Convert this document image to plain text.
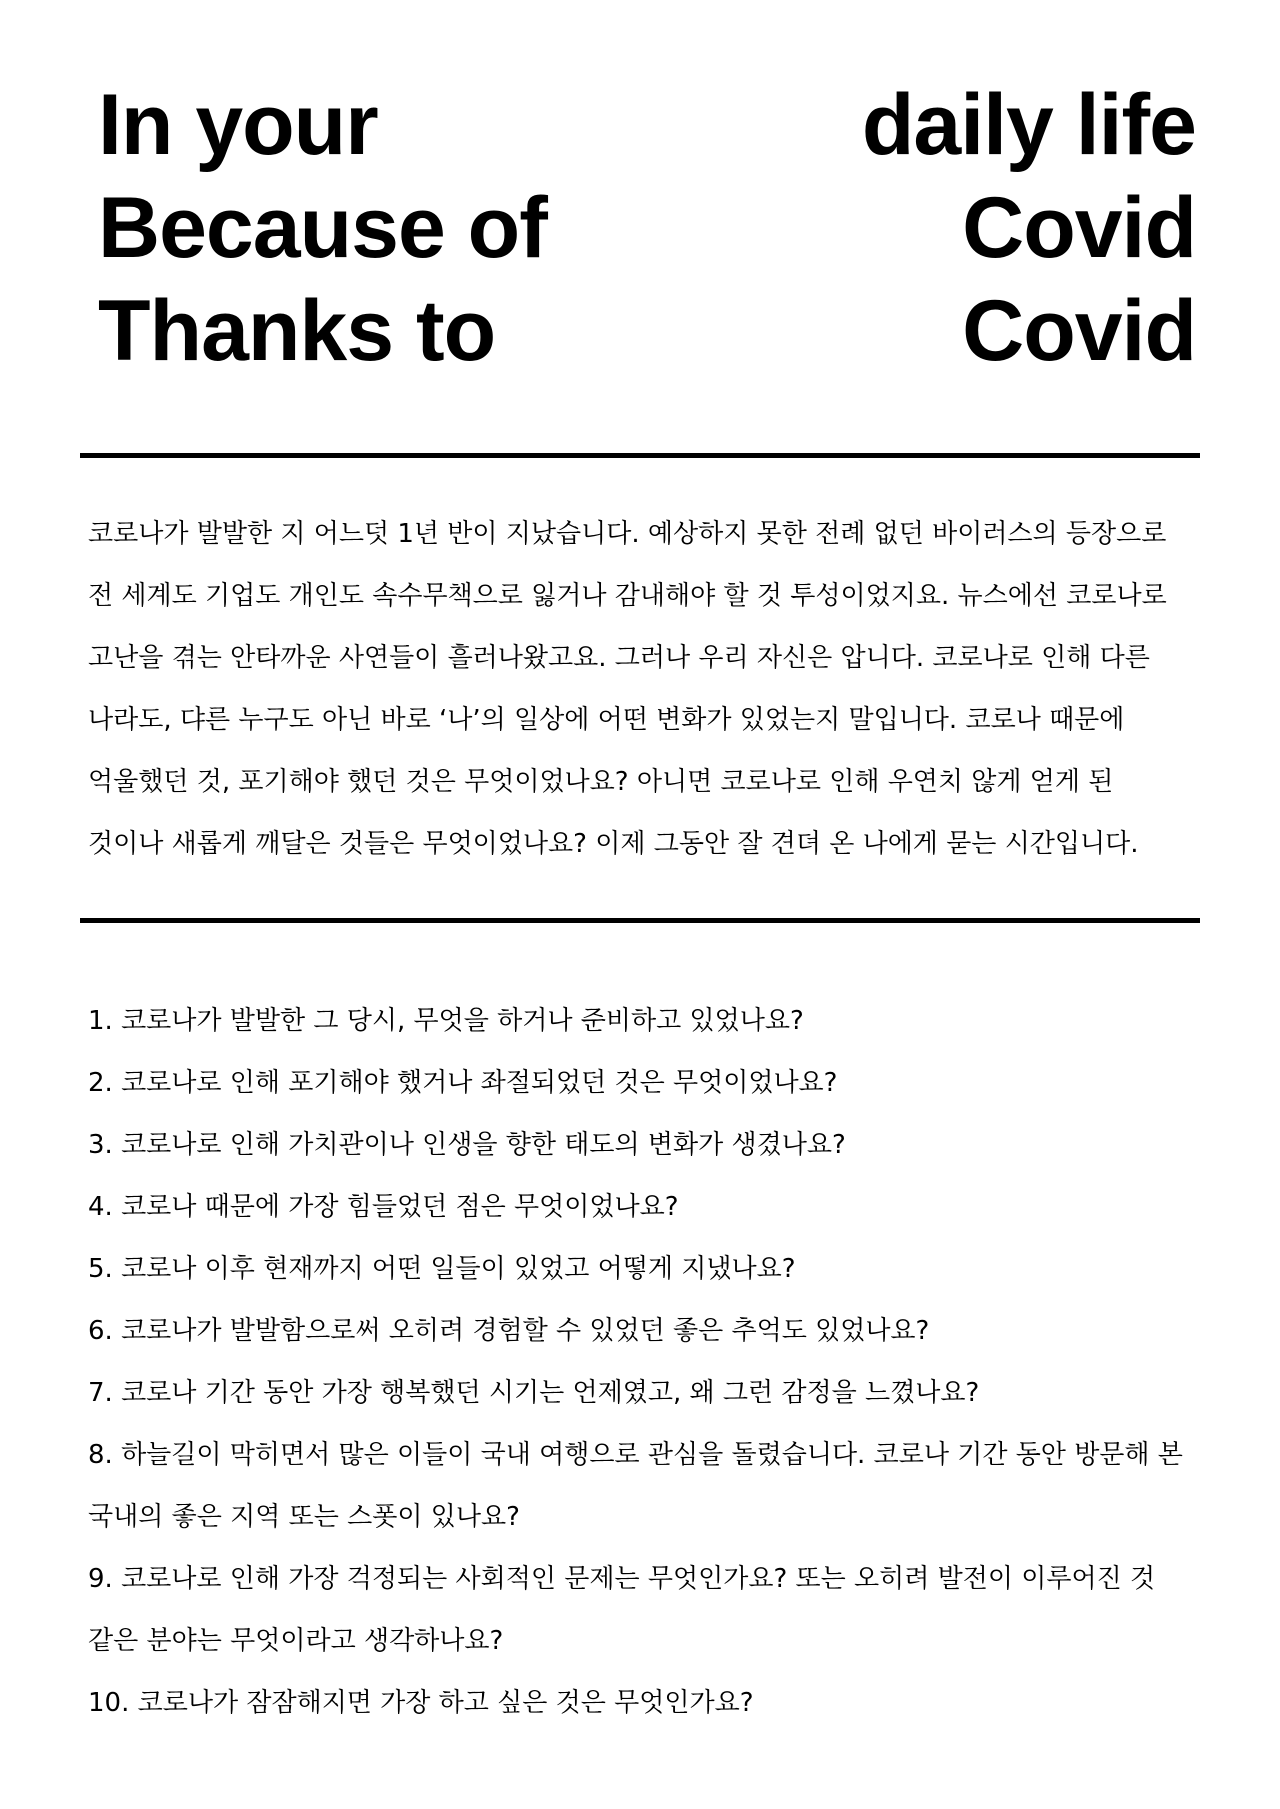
In your	daily life
Because of	Covid
Thanks to	Covid
코로나가 발발한 지 어느덧 1년 반이 지났습니다. 예상하지 못한 전례 없던 바이러스의 등장으로
전 세계도 기업도 개인도 속수무책으로 잃거나 감내해야 할 것 투성이었지요. 뉴스에선 코로나로
고난을 겪는 안타까운 사연들이 흘러나왔고요. 그러나 우리 자신은 압니다. 코로나로 인해 다른
나라도, 댜른 누구도 아닌 바로 ‘나’의 일상에 어떤 변화가 있었는지 말입니다. 코로나 때문에
억울했던 것, 포기해야 했던 것은 무엇이었나요? 아니면 코로나로 인해 우연치 않게 얻게 된
것이나 새롭게 깨달은 것들은 무엇이었나요? 이제 그동안 잘 견뎌 온 나에게 묻는 시간입니다.
1. 코로나가 발발한 그 당시, 무엇을 하거나 준비하고 있었나요?
2. 코로나로 인해 포기해야 했거나 좌절되었던 것은 무엇이었나요?
3. 코로나로 인해 가치관이나 인생을 향한 태도의 변화가 생겼나요?
4. 코로나 때문에 가장 힘들었던 점은 무엇이었나요?
5. 코로나 이후 현재까지 어떤 일들이 있었고 어떻게 지냈나요?
6. 코로나가 발발함으로써 오히려 경험할 수 있었던 좋은 추억도 있었나요?
7. 코로나 기간 동안 가장 행복했던 시기는 언제였고, 왜 그런 감정을 느꼈나요?
8. 하늘길이 막히면서 많은 이들이 국내 여행으로 관심을 돌렸습니다. 코로나 기간 동안 방문해 본
국내의 좋은 지역 또는 스폿이 있나요?
9. 코로나로 인해 가장 걱정되는 사회적인 문제는 무엇인가요? 또는 오히려 발전이 이루어진 것
같은 분야는 무엇이라고 생각하나요?
10. 코로나가 잠잠해지면 가장 하고 싶은 것은 무엇인가요?
